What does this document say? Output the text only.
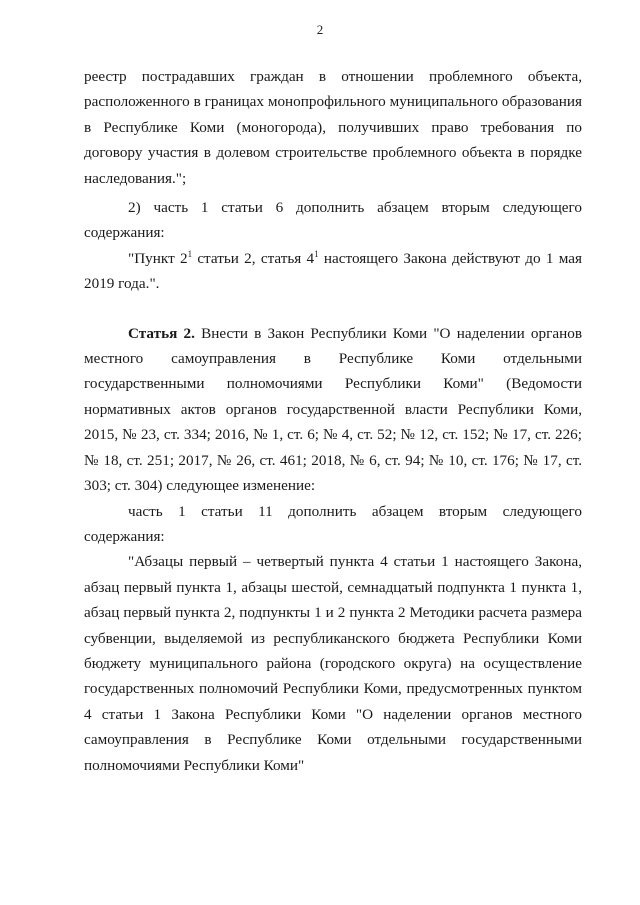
2

реестр пострадавших граждан в отношении проблемного объекта, расположенного в границах монопрофильного муниципального образования в Республике Коми (моногорода), получивших право требования по договору участия в долевом строительстве проблемного объекта в порядке наследования.";

2) часть 1 статьи 6 дополнить абзацем вторым следующего содержания:

"Пункт $2^1$ статьи 2, статья $4^1$ настоящего Закона действуют до 1 мая 2019 года.".

Статья 2. Внести в Закон Республики Коми "О наделении органов местного самоуправления в Республике Коми отдельными государственными полномочиями Республики Коми" (Ведомости нормативных актов органов государственной власти Республики Коми, 2015, № 23, ст. 334; 2016, № 1, ст. 6; № 4, ст. 52; № 12, ст. 152; № 17, ст. 226; № 18, ст. 251; 2017, № 26, ст. 461; 2018, № 6, ст. 94; № 10, ст. 176; № 17, ст. 303; ст. 304) следующее изменение:

часть 1 статьи 11 дополнить абзацем вторым следующего содержания:

"Абзацы первый – четвертый пункта 4 статьи 1 настоящего Закона, абзац первый пункта 1, абзацы шестой, семнадцатый подпункта 1 пункта 1, абзац первый пункта 2, подпункты 1 и 2 пункта 2 Методики расчета размера субвенции, выделяемой из республиканского бюджета Республики Коми бюджету муниципального района (городского округа) на осуществление государственных полномочий Республики Коми, предусмотренных пунктом 4 статьи 1 Закона Республики Коми "О наделении органов местного самоуправления в Республике Коми отдельными государственными полномочиями Республики Коми"
